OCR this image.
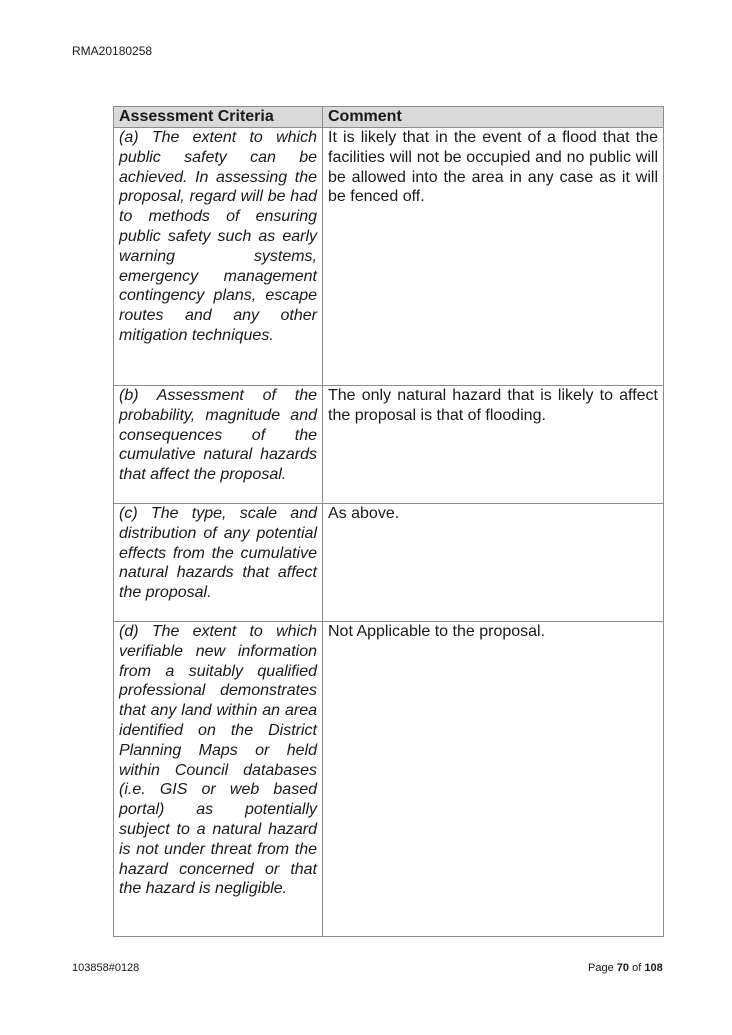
RMA20180258
Assessment Criteria	Comment
(a) The extent to which public safety can be achieved. In assessing the proposal, regard will be had to methods of ensuring public safety such as early warning systems, emergency management contingency plans, escape routes and any other mitigation techniques.	It is likely that in the event of a flood that the facilities will not be occupied and no public will be allowed into the area in any case as it will be fenced off.
(b) Assessment of the probability, magnitude and consequences of the cumulative natural hazards that affect the proposal.	The only natural hazard that is likely to affect the proposal is that of flooding.
(c) The type, scale and distribution of any potential effects from the cumulative natural hazards that affect the proposal.	As above.
(d) The extent to which verifiable new information from a suitably qualified professional demonstrates that any land within an area identified on the District Planning Maps or held within Council databases (i.e. GIS or web based portal) as potentially subject to a natural hazard is not under threat from the hazard concerned or that the hazard is negligible.	Not Applicable to the proposal.
103858#0128	Page 70 of 108
